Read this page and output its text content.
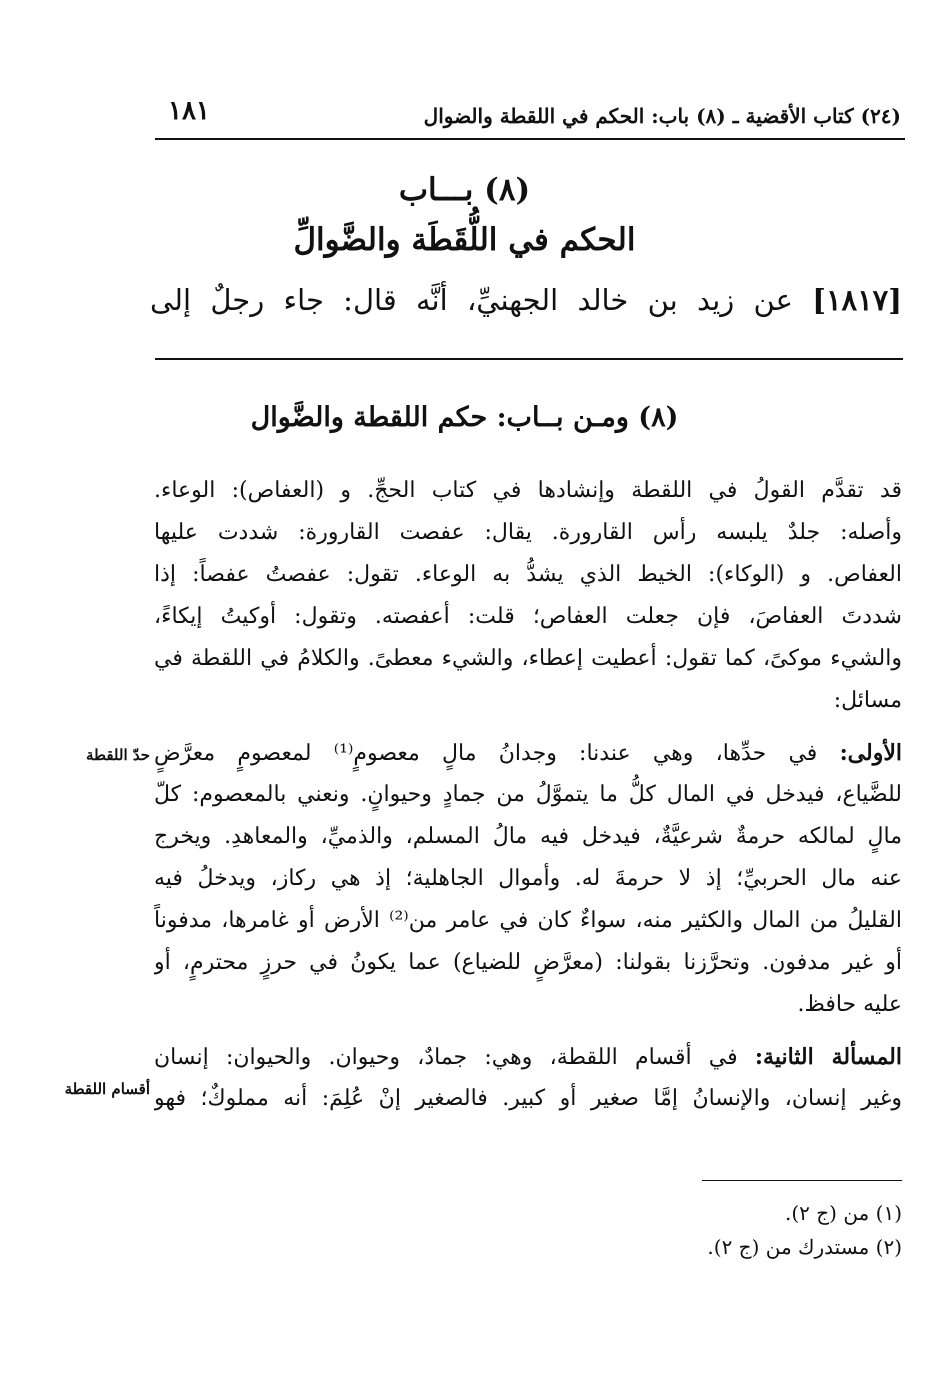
١٨١	(٢٤) كتاب الأقضية ـ (٨) باب: الحكم في اللقطة والضوال
(٨) بـــاب
الحكم في اللُّقَطَة والضَّوالِّ
[١٨١٧] عن زيد بن خالد الجهنيِّ، أنَّه قال: جاء رجلٌ إلى
(٨) ومـن بــاب: حكم اللقطة والضَّوال
قد تقدَّم القولُ في اللقطة وإنشادها في كتاب الحجِّ. و (العفاص): الوعاء.
وأصله: جلدٌ يلبسه رأس القارورة. يقال: عفصت القارورة: شددت عليها
العفاص. و (الوكاء): الخيط الذي يشدُّ به الوعاء. تقول: عفصتُ عفصاً: إذا
شددتَ العفاصَ، فإن جعلت العفاص؛ قلت: أعفصته. وتقول: أوكيتُ إيكاءً،
والشيء موكىً، كما تقول: أعطيت إعطاء، والشيء معطىً. والكلامُ في اللقطة في
مسائل:
الأولى: في حدِّها، وهي عندنا: وجدانُ مالٍ معصومٍ⁽¹⁾ لمعصومٍ معرَّضٍ
للضَّياع، فيدخل في المال كلُّ ما يتموَّلُ من جمادٍ وحيوانٍ. ونعني بالمعصوم: كلّ
مالٍ لمالكه حرمةٌ شرعيَّةٌ، فيدخل فيه مالُ المسلم، والذميِّ، والمعاهدِ. ويخرج
عنه مال الحربيِّ؛ إذ لا حرمةَ له. وأموال الجاهلية؛ إذ هي ركاز، ويدخلُ فيه
القليلُ من المال والكثير منه، سواءٌ كان في عامر من⁽²⁾ الأرض أو غامرها، مدفوناً
أو غير مدفون. وتحرَّزنا بقولنا: (معرَّضٍ للضياع) عما يكونُ في حرزٍ محترمٍ، أو
عليه حافظ.
المسألة الثانية: في أقسام اللقطة، وهي: جمادٌ، وحيوان. والحيوان: إنسان
وغير إنسان، والإنسانُ إمَّا صغير أو كبير. فالصغير إنْ عُلِمَ: أنه مملوكٌ؛ فهو
حدّ اللقطة
أقسام اللقطة
(١) من (ج ٢).
(٢) مستدرك من (ج ٢).
